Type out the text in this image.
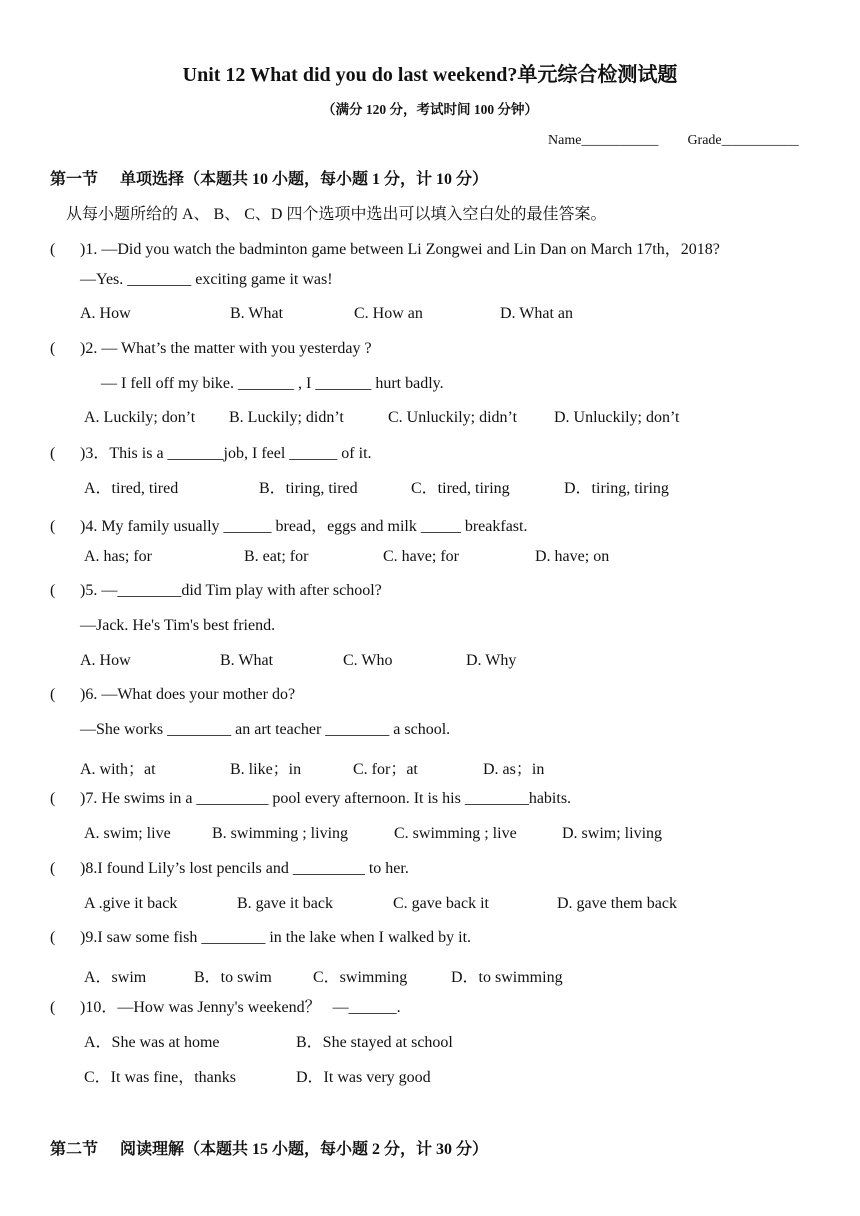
Unit 12 What did you do last weekend?单元综合检测试题
（满分 120 分，考试时间 100 分钟）
Name___________ Grade___________
第一节 单项选择（本题共 10 小题，每小题 1 分，计 10 分）
从每小题所给的 A、 B、 C、D 四个选项中选出可以填入空白处的最佳答案。
( )1. —Did you watch the badminton game between Li Zongwei and Lin Dan on March 17th，2018?
—Yes. ________ exciting game it was!
A. How	B. What	C. How an	D. What an
( )2. — What’s the matter with you yesterday ?
— I fell off my bike. _______ , I _______ hurt badly.
A. Luckily; don’t B. Luckily; didn’t	C. Unluckily; didn’t D. Unluckily; don’t
( )3．This is a _______job, I feel ______ of it.
A．tired, tired	B．tiring, tired	C．tired, tiring	D．tiring, tiring
( )4. My family usually ______ bread，eggs and milk _____ breakfast.
A. has; for	B. eat; for	C. have; for	D. have; on
( )5. —________did Tim play with after school?
—Jack. He's Tim's best friend.
A. How	B. What	C. Who	D. Why
( )6. —What does your mother do?
—She works ________ an art teacher ________ a school.
A. with；at	B. like；in	C. for；at	D. as；in
( )7. He swims in a _________ pool every afternoon. It is his ________habits.
A. swim; live	B. swimming ; living	C. swimming ; live	D. swim; living
( )8.I found Lily’s lost pencils and _________ to her.
A .give it back	B. gave it back	C. gave back it	D. gave them back
( )9.I saw some fish ________ in the lake when I walked by it.
A．swim	B．to swim	C．swimming	D．to swimming
( )10．—How was Jenny's weekend？   —______.
A．She was at home	B．She stayed at school
C．It was fine，thanks	D．It was very good
第二节 阅读理解（本题共 15 小题，每小题 2 分，计 30 分）
